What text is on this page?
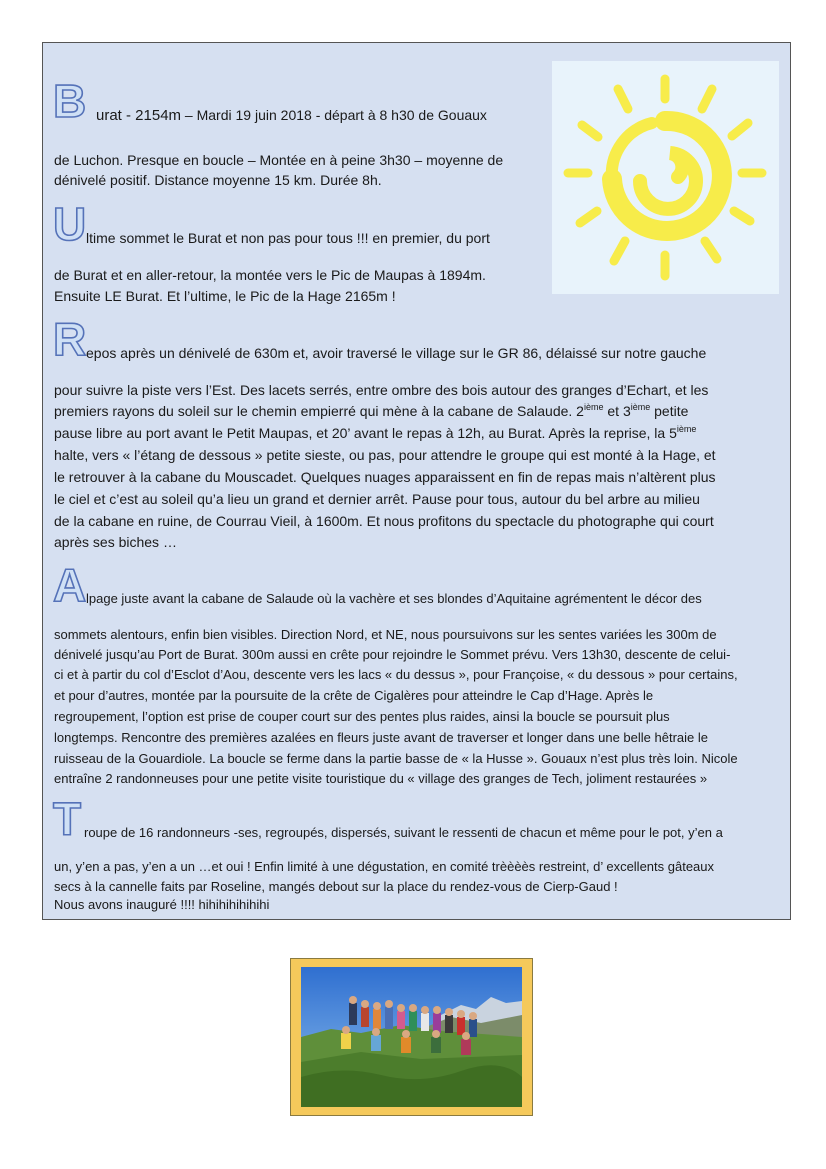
B urat - 2154m – Mardi 19 juin 2018 - départ à 8 h30 de Gouaux
de Luchon. Presque en boucle – Montée en à peine 3h30 – moyenne de
dénivelé positif. Distance moyenne 15 km. Durée 8h.
U ltime sommet le Burat et non pas pour tous !!! en premier, du port
de Burat et en aller-retour, la montée vers le Pic de Maupas à 1894m.
Ensuite LE Burat. Et l’ultime, le Pic de la Hage 2165m !
R epos après un dénivelé de 630m et, avoir traversé le village sur le GR 86, délaissé sur notre gauche
pour suivre la piste vers l’Est. Des lacets serrés, entre ombre des bois autour des granges d’Echart, et les
premiers rayons du soleil sur le chemin empierré qui mène à la cabane de Salaude. 2ième et 3ième petite
pause libre au port avant le Petit Maupas, et 20’ avant le repas à 12h, au Burat. Après la reprise, la 5ième
halte, vers « l’étang de dessous » petite sieste, ou pas, pour attendre le groupe qui est monté à la Hage, et
le retrouver à la cabane du Mouscadet. Quelques nuages apparaissent en fin de repas mais n’altèrent plus
le ciel et c’est au soleil qu’a lieu un grand et dernier arrêt. Pause pour tous, autour du bel arbre au milieu
de la cabane en ruine, de Courrau Vieil, à 1600m. Et nous profitons du spectacle du photographe qui court
après ses biches …
A lpage juste avant la cabane de Salaude où la vachère et ses blondes d’Aquitaine agrémentent le décor des
sommets alentours, enfin bien visibles. Direction Nord, et NE, nous poursuivons sur les sentes variées les 300m de
dénivelé jusqu’au Port de Burat. 300m aussi en crête pour rejoindre le Sommet prévu. Vers 13h30, descente de celui-
ci et à partir du col d’Esclot d’Aou, descente vers les lacs « du dessus », pour Françoise, « du dessous » pour certains,
et pour d’autres, montée par la poursuite de la crête de Cigalères pour atteindre le Cap d’Hage. Après le
regroupement, l’option est prise de couper court sur des pentes plus raides, ainsi la boucle se poursuit plus
longtemps. Rencontre des premières azalées en fleurs juste avant de traverser et longer dans une belle hêtraie le
ruisseau de la Gouardiole. La boucle se ferme dans la partie basse de « la Husse ». Gouaux n’est plus très loin. Nicole
entraîne 2 randonneuses pour une petite visite touristique du « village des granges de Tech, joliment restaurées »
T roupe de 16 randonneurs -ses, regroupés, dispersés, suivant le ressenti de chacun et même pour le pot, y’en a
un, y’en a pas, y’en a un …et oui ! Enfin limité à une dégustation, en comité trèèèès restreint, d’ excellents gâteaux
secs à la cannelle faits par Roseline, mangés debout sur la place du rendez-vous de Cierp-Gaud !
Nous avons inauguré !!!! hihihihihihihi
